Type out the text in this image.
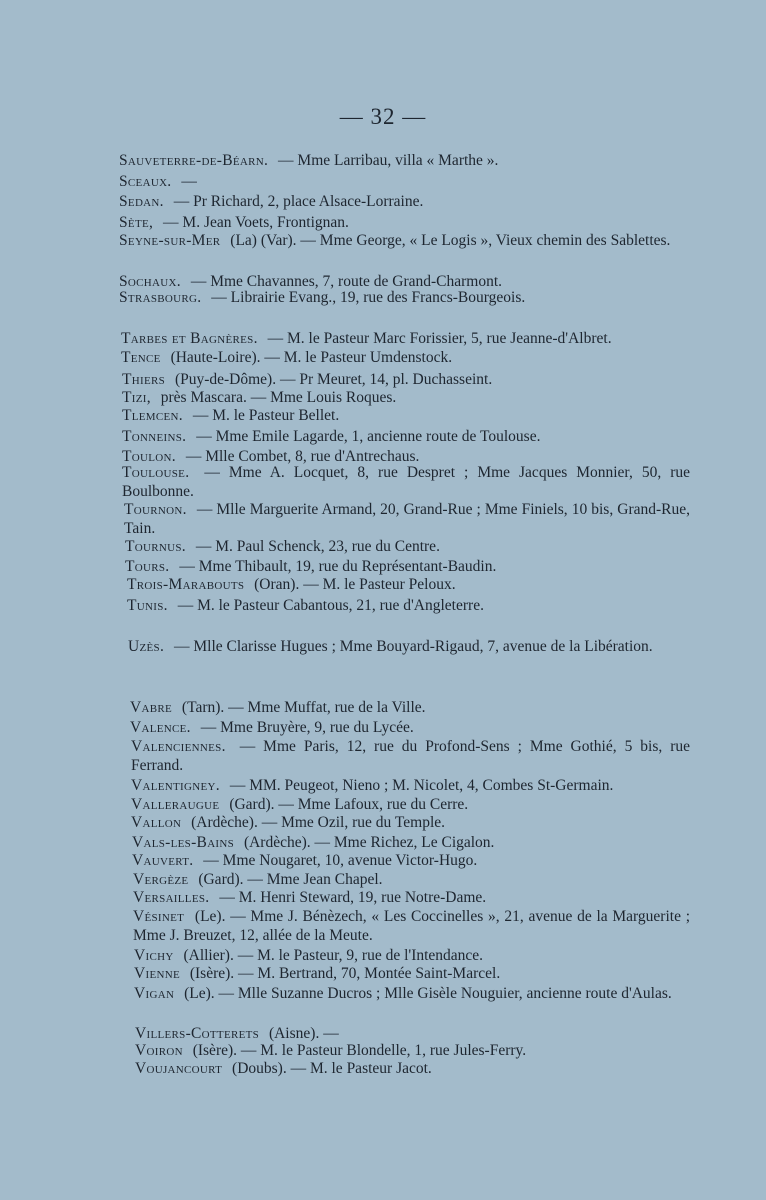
— 32 —
Sauveterre-de-Béarn. — Mme Larribau, villa « Marthe ».
Sceaux. —
Sedan. — Pr Richard, 2, place Alsace-Lorraine.
Sète, — M. Jean Voets, Frontignan.
Seyne-sur-Mer (La) (Var). — Mme George, « Le Logis », Vieux chemin des Sablettes.
Sochaux. — Mme Chavannes, 7, route de Grand-Charmont.
Strasbourg. — Librairie Evang., 19, rue des Francs-Bourgeois.
Tarbes et Bagnères. — M. le Pasteur Marc Forissier, 5, rue Jeanne-d'Albret.
Tence (Haute-Loire). — M. le Pasteur Umdenstock.
Thiers (Puy-de-Dôme). — Pr Meuret, 14, pl. Duchasseint.
Tizi, près Mascara. — Mme Louis Roques.
Tlemcen. — M. le Pasteur Bellet.
Tonneins. — Mme Emile Lagarde, 1, ancienne route de Toulouse.
Toulon. — Mlle Combet, 8, rue d'Antrechaus.
Toulouse. — Mme A. Locquet, 8, rue Despret ; Mme Jacques Monnier, 50, rue Boulbonne.
Tournon. — Mlle Marguerite Armand, 20, Grand-Rue ; Mme Finiels, 10 bis, Grand-Rue, Tain.
Tournus. — M. Paul Schenck, 23, rue du Centre.
Tours. — Mme Thibault, 19, rue du Représentant-Baudin.
Trois-Marabouts (Oran). — M. le Pasteur Peloux.
Tunis. — M. le Pasteur Cabantous, 21, rue d'Angleterre.
Uzès. — Mlle Clarisse Hugues ; Mme Bouyard-Rigaud, 7, avenue de la Libération.
Vabre (Tarn). — Mme Muffat, rue de la Ville.
Valence. — Mme Bruyère, 9, rue du Lycée.
Valenciennes. — Mme Paris, 12, rue du Profond-Sens ; Mme Gothié, 5 bis, rue Ferrand.
Valentigney. — MM. Peugeot, Nieno ; M. Nicolet, 4, Combes St-Germain.
Valleraugue (Gard). — Mme Lafoux, rue du Cerre.
Vallon (Ardèche). — Mme Ozil, rue du Temple.
Vals-les-Bains (Ardèche). — Mme Richez, Le Cigalon.
Vauvert. — Mme Nougaret, 10, avenue Victor-Hugo.
Vergèze (Gard). — Mme Jean Chapel.
Versailles. — M. Henri Steward, 19, rue Notre-Dame.
Vésinet (Le). — Mme J. Bénèzech, « Les Coccinelles », 21, avenue de la Marguerite ; Mme J. Breuzet, 12, allée de la Meute.
Vichy (Allier). — M. le Pasteur, 9, rue de l'Intendance.
Vienne (Isère). — M. Bertrand, 70, Montée Saint-Marcel.
Vigan (Le). — Mlle Suzanne Ducros ; Mlle Gisèle Nouguier, ancienne route d'Aulas.
Villers-Cotterets (Aisne). —
Voiron (Isère). — M. le Pasteur Blondelle, 1, rue Jules-Ferry.
Voujancourt (Doubs). — M. le Pasteur Jacot.
